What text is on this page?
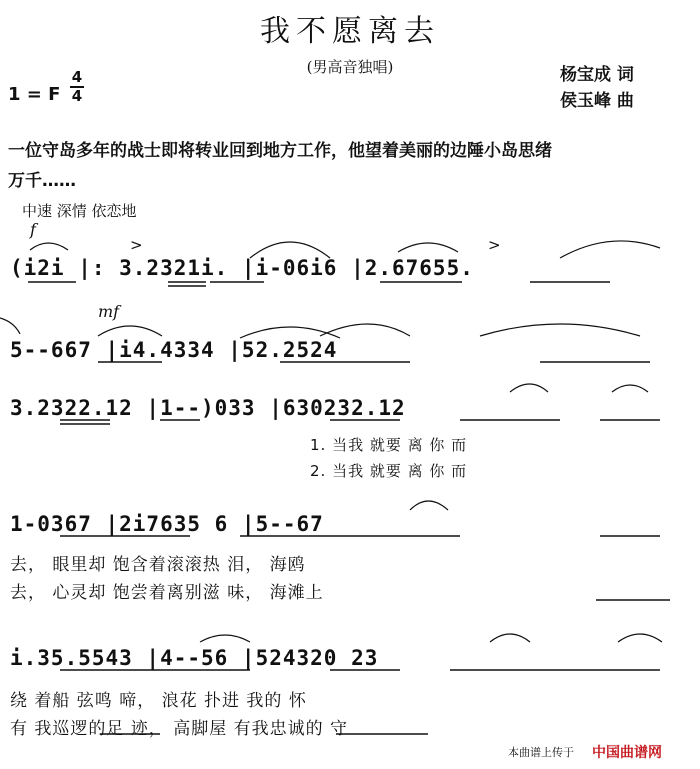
我不愿离去
(男高音独唱)
1 = F
4
4
杨宝成 词
侯玉峰 曲
一位守岛多年的战士即将转业回到地方工作，他望着美丽的边陲小岛思绪
万千……
中速 深情 依恋地
f
mf
>	>
(i2i |: 3.2321i. |i-06i6 |2.67655.
5--667 |i4.4334 |52.2524
3.2322.12 |1--)033 |630232.12
1. 当我 就要 离 你 而
2. 当我 就要 离 你 而
1-0367 |2i7635 6 |5--67
去， 眼里却 饱含着滚滚热 泪， 海鸥
去， 心灵却 饱尝着离别滋 味， 海滩上
i.35.5543 |4--56 |524320 23
绕 着船 弦鸣 啼， 浪花 扑进 我的 怀
有 我巡逻的足 迹， 高脚屋 有我忠诚的 守
本曲谱上传于 中国曲谱网
